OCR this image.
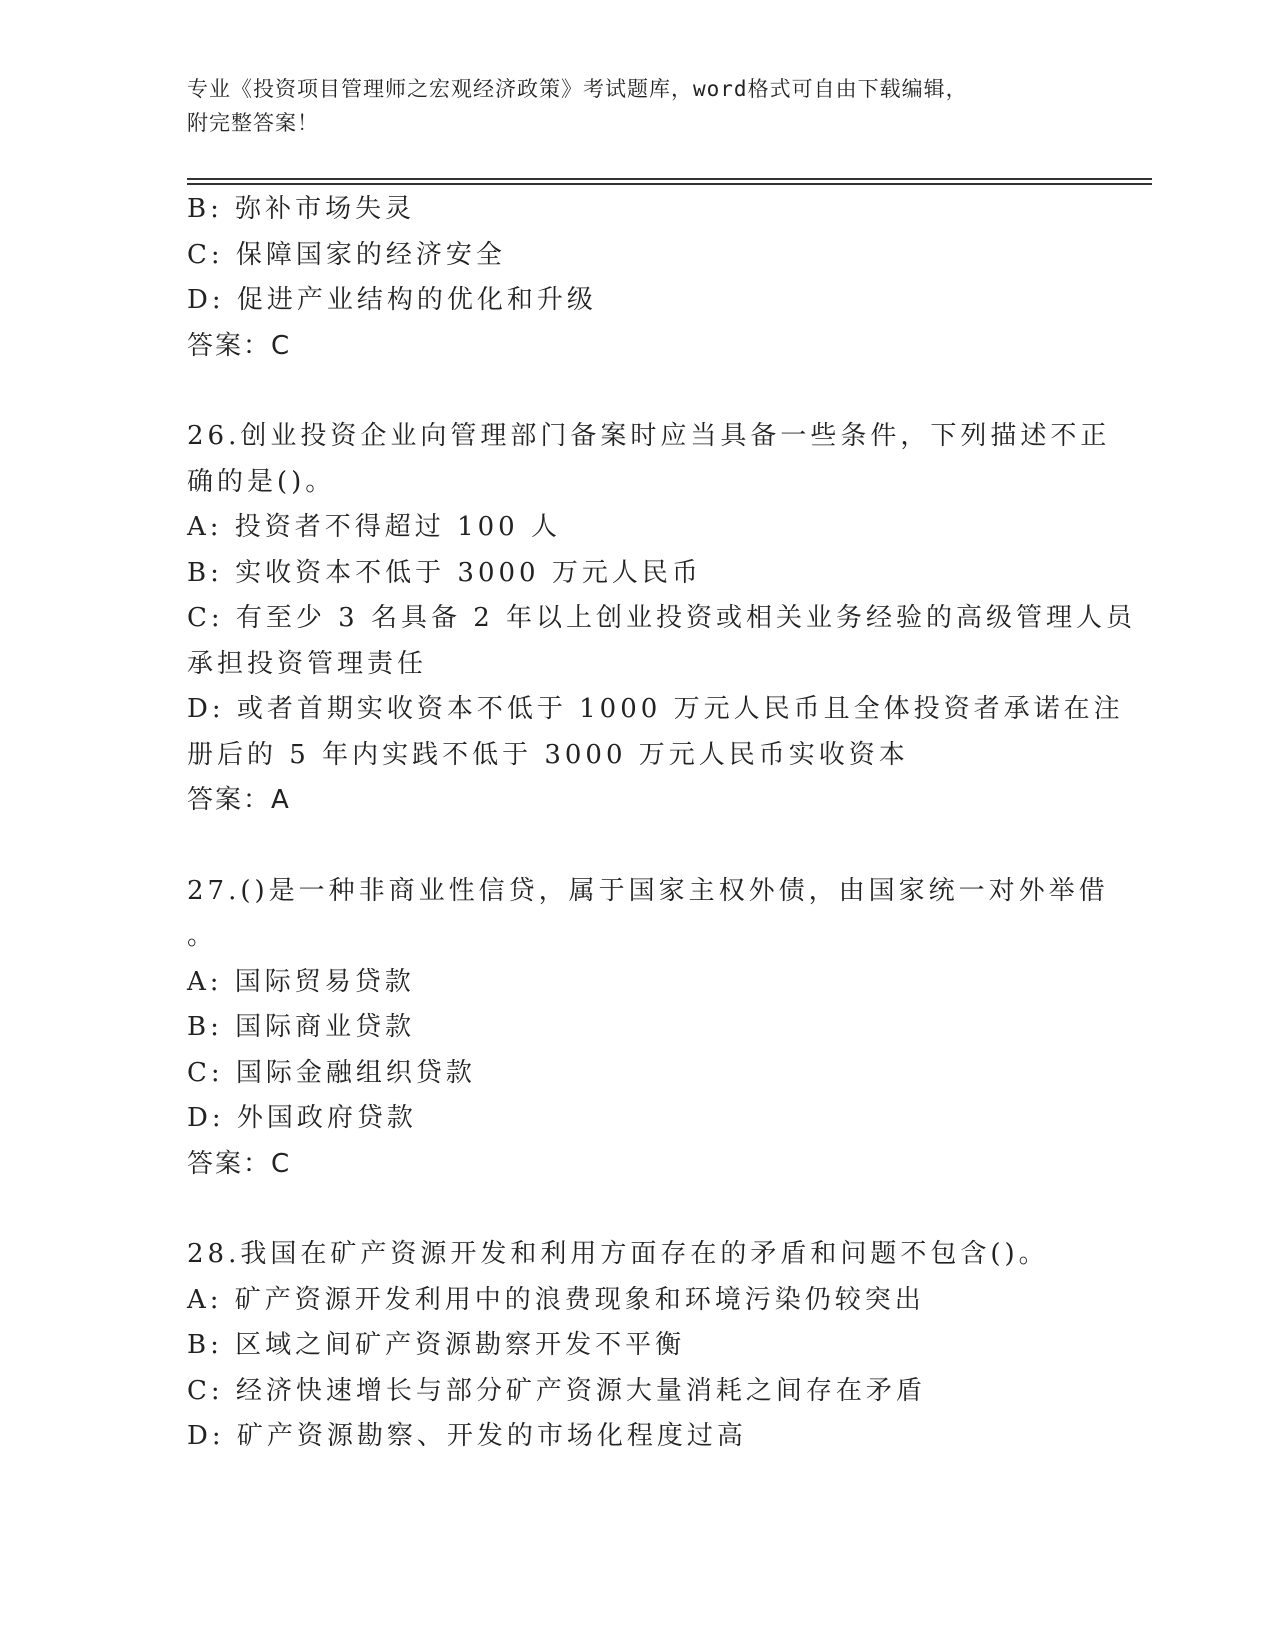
专业《投资项目管理师之宏观经济政策》考试题库，word格式可自由下载编辑，
附完整答案！
B: 弥补市场失灵
C: 保障国家的经济安全
D: 促进产业结构的优化和升级
答案：C
26.创业投资企业向管理部门备案时应当具备一些条件，下列描述不正
确的是()。
A: 投资者不得超过 100 人
B: 实收资本不低于 3000 万元人民币
C: 有至少 3 名具备 2 年以上创业投资或相关业务经验的高级管理人员
承担投资管理责任
D: 或者首期实收资本不低于 1000 万元人民币且全体投资者承诺在注
册后的 5 年内实践不低于 3000 万元人民币实收资本
答案：A
27.()是一种非商业性信贷，属于国家主权外债，由国家统一对外举借
。
A: 国际贸易贷款
B: 国际商业贷款
C: 国际金融组织贷款
D: 外国政府贷款
答案：C
28.我国在矿产资源开发和利用方面存在的矛盾和问题不包含()。
A: 矿产资源开发利用中的浪费现象和环境污染仍较突出
B: 区域之间矿产资源勘察开发不平衡
C: 经济快速增长与部分矿产资源大量消耗之间存在矛盾
D: 矿产资源勘察、开发的市场化程度过高
